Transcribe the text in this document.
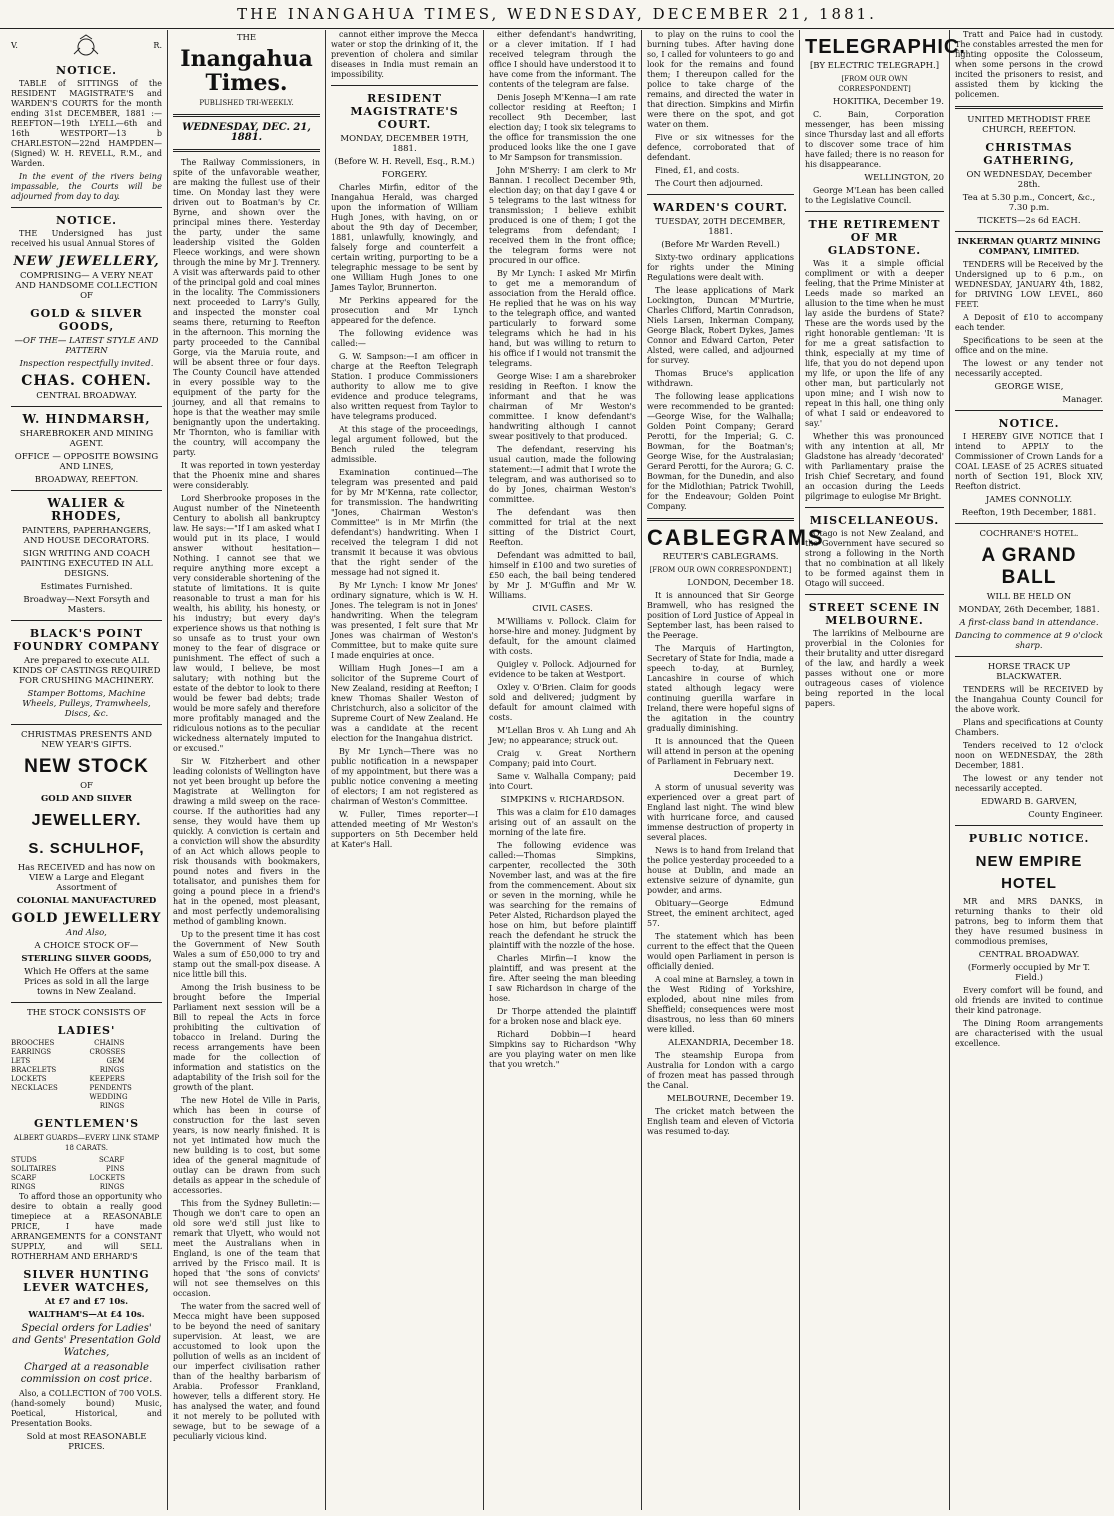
THE INANGAHUA TIMES, WEDNESDAY, DECEMBER 21, 1881.
V.	R.
NOTICE.

TABLE of SITTINGS of the RESIDENT MAGISTRATE'S and WARDEN'S COURTS for the month ending 31st DECEMBER, 1881 :— REEFTON—19th LYELL—6th and 16th WESTPORT—13 b CHARLESTON—22nd HAMPDEN— (Signed) W. H. REVELL, R.M., and Warden.

In the event of the rivers being impassable, the Courts will be adjourned from day to day.

NOTICE.

THE Undersigned has just received his usual Annual Stores of

NEW JEWELLERY,
COMPRISING— A VERY NEAT AND HANDSOME COLLECTION OF
GOLD & SILVER GOODS,
—OF THE— LATEST STYLE AND PATTERN
Inspection respectfully invited.
CHAS. COHEN.
CENTRAL BROADWAY.
W. HINDMARSH,
SHAREBROKER AND MINING AGENT.
OFFICE — OPPOSITE BOWSING AND LINES,
BROADWAY, REEFTON.
WALIER & RHODES,
PAINTERS, PAPERHANGERS, AND HOUSE DECORATORS.
SIGN WRITING AND COACH PAINTING EXECUTED IN ALL DESIGNS.
Estimates Furnished.
Broadway—Next Forsyth and Masters.
BLACK'S POINT FOUNDRY COMPANY
Are prepared to execute ALL KINDS OF CASTINGS REQUIRED FOR CRUSHING MACHINERY.
Stamper Bottoms, Machine Wheels, Pulleys, Tramwheels, Discs, &c.
CHRISTMAS PRESENTS AND NEW YEAR'S GIFTS.
NEW STOCK
OF
GOLD AND SILVER
JEWELLERY.
S. SCHULHOF,
Has RECEIVED and has now on VIEW a Large and Elegant Assortment of
COLONIAL MANUFACTURED
GOLD JEWELLERY
And Also,
A CHOICE STOCK OF—
STERLING SILVER GOODS,
Which He Offers at the same Prices as sold in all the large towns in New Zealand.
THE STOCK CONSISTS OF
LADIES'
BROOCHES
EARRINGS
LETS
BRACELETS
LOCKETS
NECKLACES
CHAINS
CROSSES
GEM RINGS
KEEPERS
PENDENTS
WEDDING RINGS
GENTLEMEN'S
ALBERT GUARDS—EVERY LINK STAMP 18 CARATS.
STUDS
SOLITAIRES
SCARF RINGS
SCARF PINS
LOCKETS
RINGS

To afford those an opportunity who desire to obtain a really good timepiece at a REASONABLE PRICE, I have made ARRANGEMENTS for a CONSTANT SUPPLY, and will SELL ROTHERHAM AND ERHARD'S

SILVER HUNTING LEVER WATCHES,
At £7 and £7 10s.
WALTHAM'S—At £4 10s.
Special orders for Ladies' and Gents' Presentation Gold Watches,
Charged at a reasonable commission on cost price.

Also, a COLLECTION of 700 VOLS. (hand-somely bound) Music, Poetical, Historical, and Presentation Books.

Sold at most REASONABLE PRICES.
THE
Inangahua Times.
PUBLISHED TRI-WEEKLY.
WEDNESDAY, DEC. 21, 1881.

The Railway Commissioners, in spite of the unfavorable weather, are making the fullest use of their time. On Monday last they were driven out to Boatman's by Cr. Byrne, and shown over the principal mines there. Yesterday the party, under the same leadership visited the Golden Fleece workings, and were shown through the mine by Mr J. Trennery. A visit was afterwards paid to other of the principal gold and coal mines in the locality. The Commissioners next proceeded to Larry's Gully, and inspected the monster coal seams there, returning to Reefton in the afternoon. This morning the party proceeded to the Cannibal Gorge, via the Maruia route, and will be absent three or four days. The County Council have attended in every possible way to the equipment of the party for the journey, and all that remains to hope is that the weather may smile benignantly upon the undertaking. Mr Thornton, who is familiar with the country, will accompany the party.

It was reported in town yesterday that the Phoenix mine and shares were considerably.

Lord Sherbrooke proposes in the August number of the Nineteenth Century to abolish all bankruptcy law. He says:—"If I am asked what I would put in its place, I would answer without hesitation—Nothing. I cannot see that we require anything more except a very considerable shortening of the statute of limitations. It is quite reasonable to trust a man for his wealth, his ability, his honesty, or his industry; but every day's experience shows us that nothing is so unsafe as to trust your own money to the fear of disgrace or punishment. The effect of such a law would, I believe, be most salutary; with nothing but the estate of the debtor to look to there would be fewer bad debts; trade would be more safely and therefore more profitably managed and the ridiculous notions as to the peculiar wickedness alternately imputed to or excused."

Sir W. Fitzherbert and other leading colonists of Wellington have not yet been brought up before the Magistrate at Wellington for drawing a mild sweep on the race-course. If the authorities had any sense, they would have them up quickly. A conviction is certain and a conviction will show the absurdity of an Act which allows people to risk thousands with bookmakers, pound notes and fivers in the totalisator, and punishes them for going a pound piece in a friend's hat in the opened, most pleasant, and most perfectly undemoralising method of gambling known.

Up to the present time it has cost the Government of New South Wales a sum of £50,000 to try and stamp out the small-pox disease. A nice little bill this.

Among the Irish business to be brought before the Imperial Parliament next session will be a Bill to repeal the Acts in force prohibiting the cultivation of tobacco in Ireland. During the recess arrangements have been made for the collection of information and statistics on the adaptability of the Irish soil for the growth of the plant.

The new Hotel de Ville in Paris, which has been in course of construction for the last seven years, is now nearly finished. It is not yet intimated how much the new building is to cost, but some idea of the general magnitude of outlay can be drawn from such details as appear in the schedule of accessories.

This from the Sydney Bulletin:—Though we don't care to open an old sore we'd still just like to remark that Ulyett, who would not meet the Australians when in England, is one of the team that arrived by the Frisco mail. It is hoped that 'the sons of convicts' will not see themselves on this occasion.

The water from the sacred well of Mecca might have been supposed to be beyond the need of sanitary supervision. At least, we are accustomed to look upon the pollution of wells as an incident of our imperfect civilisation rather than of the healthy barbarism of Arabia. Professor Frankland, however, tells a different story. He has analysed the water, and found it not merely to be polluted with sewage, but to be sewage of a peculiarly vicious kind.

cannot either improve the Mecca water or stop the drinking of it, the prevention of cholera and similar diseases in India must remain an impossibility.

RESIDENT MAGISTRATE'S COURT.
MONDAY, DECEMBER 19TH, 1881.
(Before W. H. Revell, Esq., R.M.)
FORGERY.

Charles Mirfin, editor of the Inangahua Herald, was charged upon the information of William Hugh Jones, with having, on or about the 9th day of December, 1881, unlawfully, knowingly, and falsely forge and counterfeit a certain writing, purporting to be a telegraphic message to be sent by one William Hugh Jones to one James Taylor, Brunnerton.

Mr Perkins appeared for the prosecution and Mr Lynch appeared for the defence.

The following evidence was called:—

G. W. Sampson:—I am officer in charge at the Reefton Telegraph Station. I produce Commissioners authority to allow me to give evidence and produce telegrams, also written request from Taylor to have telegrams produced.

At this stage of the proceedings, legal argument followed, but the Bench ruled the telegram admissible.

Examination continued—The telegram was presented and paid for by Mr M'Kenna, rate collector, for transmission. The handwriting "Jones, Chairman Weston's Committee" is in Mr Mirfin (the defendant's) handwriting. When I received the telegram I did not transmit it because it was obvious that the right sender of the message had not signed it.

By Mr Lynch: I know Mr Jones' ordinary signature, which is W. H. Jones. The telegram is not in Jones' handwriting. When the telegram was presented, I felt sure that Mr Jones was chairman of Weston's Committee, but to make quite sure I made enquiries at once.

William Hugh Jones—I am a solicitor of the Supreme Court of New Zealand, residing at Reefton; I knew Thomas Shailer Weston of Christchurch, also a solicitor of the Supreme Court of New Zealand. He was a candidate at the recent election for the Inangahua district.

By Mr Lynch—There was no public notification in a newspaper of my appointment, but there was a public notice convening a meeting of electors; I am not registered as chairman of Weston's Committee.

W. Fuller, Times reporter—I attended meeting of Mr Weston's supporters on 5th December held at Kater's Hall.

either defendant's handwriting, or a clever imitation. If I had received telegram through the office I should have understood it to have come from the informant. The contents of the telegram are false.

Denis Joseph M'Kenna—I am rate collector residing at Reefton; I recollect 9th December, last election day; I took six telegrams to the office for transmission the one produced looks like the one I gave to Mr Sampson for transmission.

John M'Sherry: I am clerk to Mr Bannan. I recollect December 9th, election day; on that day I gave 4 or 5 telegrams to the last witness for transmission; I believe exhibit produced is one of them; I got the telegrams from defendant; I received them in the front office; the telegram forms were not procured in our office.

By Mr Lynch: I asked Mr Mirfin to get me a memorandum of association from the Herald office. He replied that he was on his way to the telegraph office, and wanted particularly to forward some telegrams which he had in his hand, but was willing to return to his office if I would not transmit the telegrams.

George Wise: I am a sharebroker residing in Reefton. I know the informant and that he was chairman of Mr Weston's committee. I know defendant's handwriting although I cannot swear positively to that produced.

The defendant, reserving his usual caution, made the following statement:—I admit that I wrote the telegram, and was authorised so to do by Jones, chairman Weston's committee.

The defendant was then committed for trial at the next sitting of the District Court, Reefton.

Defendant was admitted to bail, himself in £100 and two sureties of £50 each, the bail being tendered by Mr J. M'Guffin and Mr W. Williams.

CIVIL CASES.

M'Williams v. Pollock. Claim for horse-hire and money. Judgment by default, for the amount claimed with costs.

Quigley v. Pollock. Adjourned for evidence to be taken at Westport.

Oxley v. O'Brien. Claim for goods sold and delivered; judgment by default for amount claimed with costs.

M'Lellan Bros v. Ah Lung and Ah Jew; no appearance; struck out.

Craig v. Great Northern Company; paid into Court.

Same v. Walhalla Company; paid into Court.

SIMPKINS v. RICHARDSON.

This was a claim for £10 damages arising out of an assault on the morning of the late fire.

The following evidence was called:—Thomas Simpkins, carpenter, recollected the 30th November last, and was at the fire from the commencement. About six or seven in the morning, while he was searching for the remains of Peter Alsted, Richardson played the hose on him, but before plaintiff reach the defendant he struck the plaintiff with the nozzle of the hose.

Charles Mirfin—I know the plaintiff, and was present at the fire. After seeing the man bleeding I saw Richardson in charge of the hose.

Dr Thorpe attended the plaintiff for a broken nose and black eye.

Richard Dobbin—I heard Simpkins say to Richardson "Why are you playing water on men like that you wretch."

to play on the ruins to cool the burning tubes. After having done so, I called for volunteers to go and look for the remains and found them; I thereupon called for the police to take charge of the remains, and directed the water in that direction. Simpkins and Mirfin were there on the spot, and got water on them.

Five or six witnesses for the defence, corroborated that of defendant.

Fined, £1, and costs.

The Court then adjourned.

WARDEN'S COURT.
TUESDAY, 20TH DECEMBER, 1881.
(Before Mr Warden Revell.)

Sixty-two ordinary applications for rights under the Mining Regulations were dealt with.

The lease applications of Mark Lockington, Duncan M'Murtrie, Charles Clifford, Martin Conradson, Niels Larsen, Inkerman Company, George Black, Robert Dykes, James Connor and Edward Carton, Peter Alsted, were called, and adjourned for survey.

Thomas Bruce's application withdrawn.

The following lease applications were recommended to be granted:—George Wise, for the Walhalla; Golden Point Company; Gerard Perotti, for the Imperial; G. C. Bowman, for the Boatman's; George Wise, for the Australasian; Gerard Perotti, for the Aurora; G. C. Bowman, for the Dunedin, and also for the Midlothian; Patrick Twohill, for the Endeavour; Golden Point Company.

CABLEGRAMS
REUTER'S CABLEGRAMS.
[FROM OUR OWN CORRESPONDENT.]
LONDON, December 18.

It is announced that Sir George Bramwell, who has resigned the position of Lord Justice of Appeal in September last, has been raised to the Peerage.

The Marquis of Hartington, Secretary of State for India, made a speech to-day, at Burnley, Lancashire in course of which stated although legacy were continuing guerilla warfare in Ireland, there were hopeful signs of the agitation in the country gradually diminishing.

It is announced that the Queen will attend in person at the opening of Parliament in February next.

December 19.

A storm of unusual severity was experienced over a great part of England last night. The wind blew with hurricane force, and caused immense destruction of property in several places.

News is to hand from Ireland that the police yesterday proceeded to a house at Dublin, and made an extensive seizure of dynamite, gun powder, and arms.

Obituary—George Edmund Street, the eminent architect, aged 57.

The statement which has been current to the effect that the Queen would open Parliament in person is officially denied.

A coal mine at Barnsley, a town in the West Riding of Yorkshire, exploded, about nine miles from Sheffield; consequences were most disastrous, no less than 60 miners were killed.

ALEXANDRIA, December 18.

The steamship Europa from Australia for London with a cargo of frozen meat has passed through the Canal.

MELBOURNE, December 19.

The cricket match between the English team and eleven of Victoria was resumed to-day.

TELEGRAPHIC.
[BY ELECTRIC TELEGRAPH.]
[FROM OUR OWN CORRESPONDENT]
HOKITIKA, December 19.

C. Bain, Corporation messenger, has been missing since Thursday last and all efforts to discover some trace of him have failed; there is no reason for his disappearance.

WELLINGTON, 20

George M'Lean has been called to the Legislative Council.

THE RETIREMENT OF MR GLADSTONE.

Was it a simple official compliment or with a deeper feeling, that the Prime Minister at Leeds made so marked an allusion to the time when he must lay aside the burdens of State? These are the words used by the right honorable gentleman: 'It is for me a great satisfaction to think, especially at my time of life, that you do not depend upon my life, or upon the life of any other man, but particularly not upon mine; and I wish now to repeat in this hall, one thing only of what I said or endeavored to say.'

Whether this was pronounced with any intention at all, Mr Gladstone has already 'decorated' with Parliamentary praise the Irish Chief Secretary, and found an occasion during the Leeds pilgrimage to eulogise Mr Bright.

MISCELLANEOUS.

Otago is not New Zealand, and the Government have secured so strong a following in the North that no combination at all likely to be formed against them in Otago will succeed.

STREET SCENE IN MELBOURNE.

The larrikins of Melbourne are proverbial in the Colonies for their brutality and utter disregard of the law, and hardly a week passes without one or more outrageous cases of violence being reported in the local papers.

Tratt and Paice had in custody. The constables arrested the men for fighting opposite the Colosseum, when some persons in the crowd incited the prisoners to resist, and assisted them by kicking the policemen.

UNITED METHODIST FREE CHURCH, REEFTON.
CHRISTMAS GATHERING,
ON WEDNESDAY, December 28th.
Tea at 5.30 p.m., Concert, &c., 7.30 p.m.
TICKETS—2s 6d EACH.
INKERMAN QUARTZ MINING COMPANY, LIMITED.

TENDERS will be Received by the Undersigned up to 6 p.m., on WEDNESDAY, JANUARY 4th, 1882, for DRIVING LOW LEVEL, 860 FEET.

A Deposit of £10 to accompany each tender.

Specifications to be seen at the office and on the mine.

The lowest or any tender not necessarily accepted.

GEORGE WISE,
Manager.
NOTICE.

I HEREBY GIVE NOTICE that I intend to APPLY to the Commissioner of Crown Lands for a COAL LEASE of 25 ACRES situated north of Section 191, Block XIV, Reefton district.

JAMES CONNOLLY.
Reefton, 19th December, 1881.
COCHRANE'S HOTEL.
A GRAND BALL
WILL BE HELD ON
MONDAY, 26th December, 1881.
A first-class band in attendance.
Dancing to commence at 9 o'clock sharp.
HORSE TRACK UP BLACKWATER.

TENDERS will be RECEIVED by the Inangahua County Council for the above work.

Plans and specifications at County Chambers.

Tenders received to 12 o'clock noon on WEDNESDAY, the 28th December, 1881.

The lowest or any tender not necessarily accepted.

EDWARD B. GARVEN,
County Engineer.
PUBLIC NOTICE.
NEW EMPIRE HOTEL

MR and MRS DANKS, in returning thanks to their old patrons, beg to inform them that they have resumed business in commodious premises,

CENTRAL BROADWAY.
(Formerly occupied by Mr T. Field.)

Every comfort will be found, and old friends are invited to continue their kind patronage.

The Dining Room arrangements are characterised with the usual excellence.
